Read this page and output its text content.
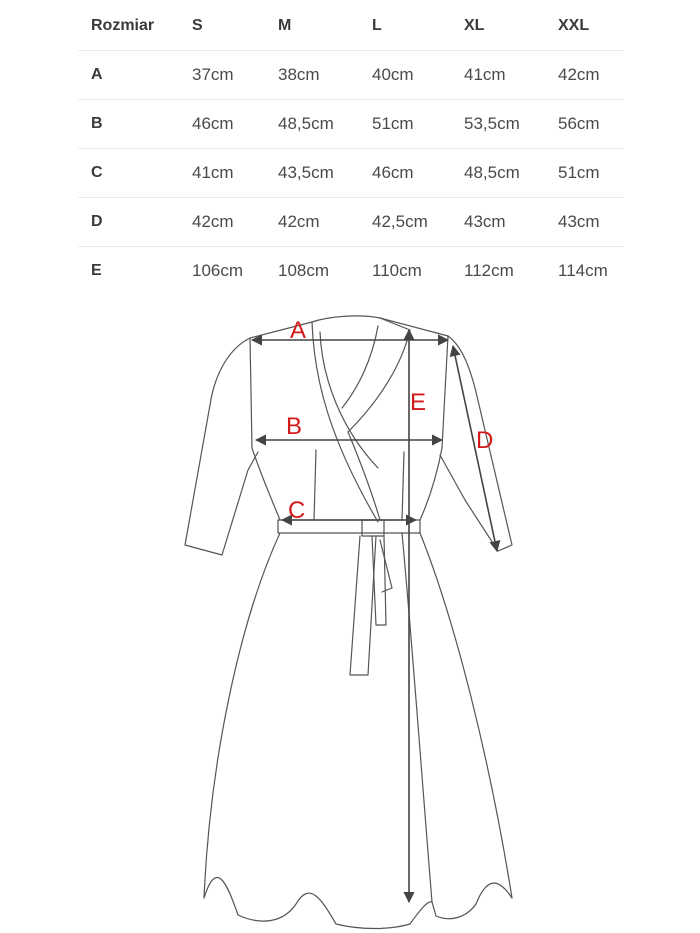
Rozmiar	S	M	L	XL	XXL
A	37cm	38cm	40cm	41cm	42cm
B	46cm	48,5cm	51cm	53,5cm	56cm
C	41cm	43,5cm	46cm	48,5cm	51cm
D	42cm	42cm	42,5cm	43cm	43cm
E	106cm	108cm	110cm	112cm	114cm
A
B
C
D
E
